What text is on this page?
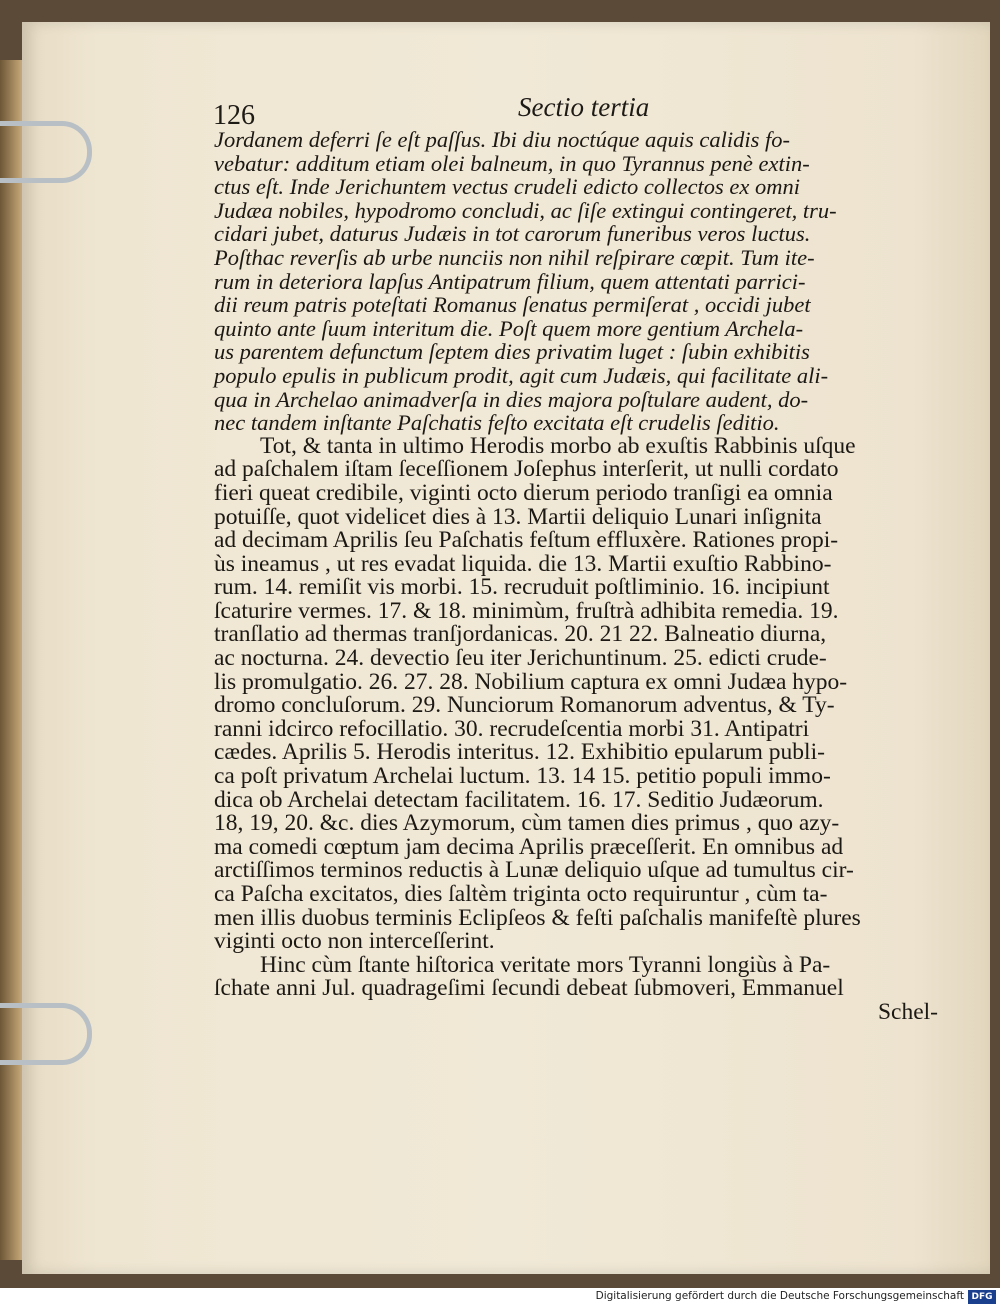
126	Sectio tertia
Jordanem deferri ſe eſt paſſus. Ibi diu noctúque aquis calidis fo-
vebatur: additum etiam olei balneum, in quo Tyrannus penè extin-
ctus eſt. Inde Jerichuntem vectus crudeli edicto collectos ex omni
Judæa nobiles, hypodromo concludi, ac ſiſe extingui contingeret, tru-
cidari jubet, daturus Judæis in tot carorum funeribus veros luctus.
Poſthac reverſis ab urbe nunciis non nihil reſpirare cœpit. Tum ite-
rum in deteriora lapſus Antipatrum filium, quem attentati parrici-
dii reum patris poteſtati Romanus ſenatus permiſerat , occidi jubet
quinto ante ſuum interitum die. Poſt quem more gentium Archela-
us parentem defunctum ſeptem dies privatim luget : ſubin exhibitis
populo epulis in publicum prodit, agit cum Judæis, qui facilitate ali-
qua in Archelao animadverſa in dies majora poſtulare audent, do-
nec tandem inſtante Paſchatis feſto excitata eſt crudelis ſeditio.
Tot, & tanta in ultimo Herodis morbo ab exuſtis Rabbinis uſque
ad paſchalem iſtam ſeceſſionem Joſephus interſerit, ut nulli cordato
fieri queat credibile, viginti octo dierum periodo tranſigi ea omnia
potuiſſe, quot videlicet dies à 13. Martii deliquio Lunari inſignita
ad decimam Aprilis ſeu Paſchatis feſtum effluxère. Rationes propi-
ùs ineamus , ut res evadat liquida. die 13. Martii exuſtio Rabbino-
rum. 14. remiſit vis morbi. 15. recruduit poſtliminio. 16. incipiunt
ſcaturire vermes. 17. & 18. minimùm, fruſtrà adhibita remedia. 19.
tranſlatio ad thermas tranſjordanicas. 20. 21 22. Balneatio diurna,
ac nocturna. 24. devectio ſeu iter Jerichuntinum. 25. edicti crude-
lis promulgatio. 26. 27. 28. Nobilium captura ex omni Judæa hypo-
dromo concluſorum. 29. Nunciorum Romanorum adventus, & Ty-
ranni idcirco refocillatio. 30. recrudeſcentia morbi 31. Antipatri
cædes. Aprilis 5. Herodis interitus. 12. Exhibitio epularum publi-
ca poſt privatum Archelai luctum. 13. 14 15. petitio populi immo-
dica ob Archelai detectam facilitatem. 16. 17. Seditio Judæorum.
18, 19, 20. &c. dies Azymorum, cùm tamen dies primus , quo azy-
ma comedi cœptum jam decima Aprilis præceſſerit. En omnibus ad
arctiſſimos terminos reductis à Lunæ deliquio uſque ad tumultus cir-
ca Paſcha excitatos, dies ſaltèm triginta octo requiruntur , cùm ta-
men illis duobus terminis Eclipſeos & feſti paſchalis manifeſtè plures
viginti octo non interceſſerint.
Hinc cùm ſtante hiſtorica veritate mors Tyranni longiùs à Pa-
ſchate anni Jul. quadrageſimi ſecundi debeat ſubmoveri, Emmanuel
Schel-
Digitalisierung gefördert durch die Deutsche Forschungsgemeinschaft DFG
